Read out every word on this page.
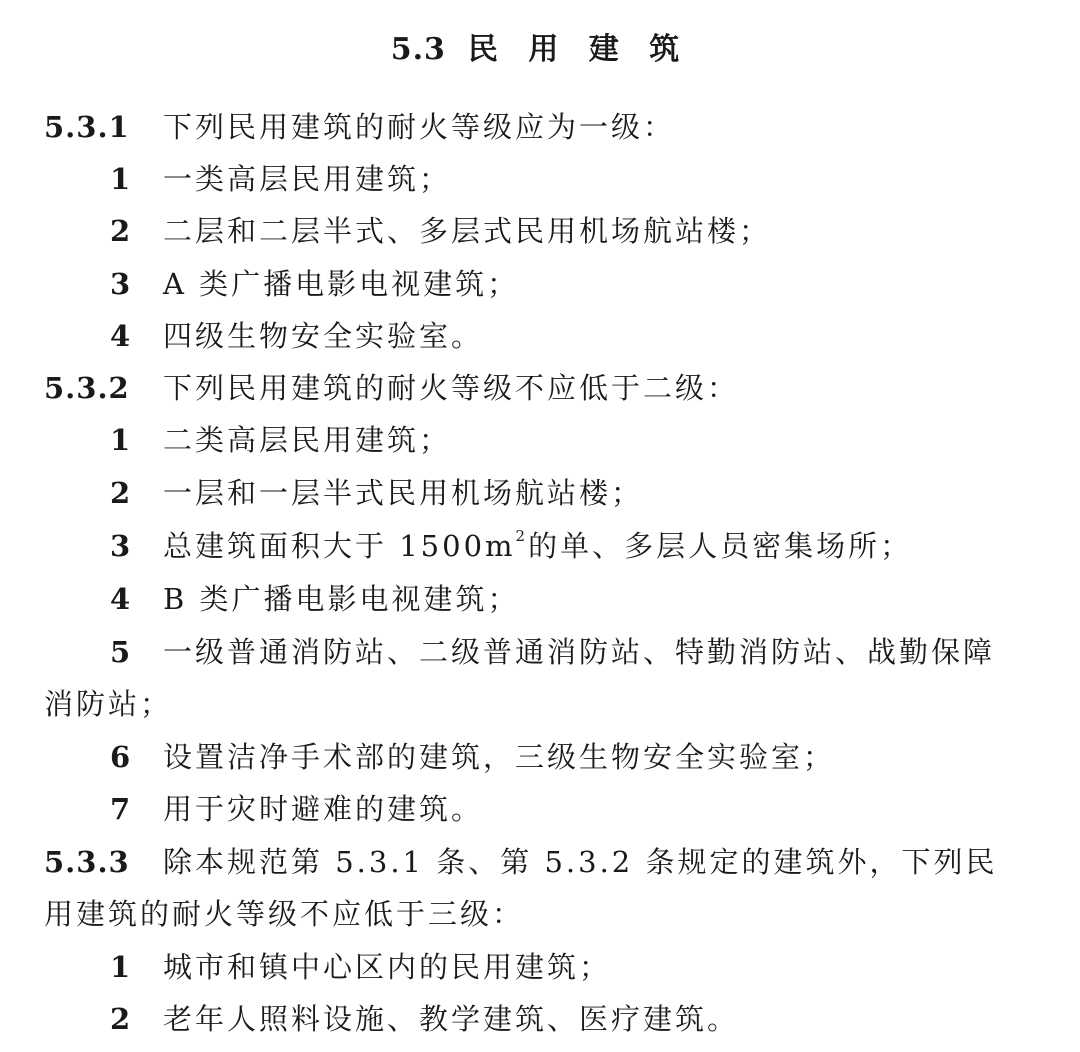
5.3 民 用 建 筑
5.3.1 下列民用建筑的耐火等级应为一级：
1 一类高层民用建筑；
2 二层和二层半式、多层式民用机场航站楼；
3 A 类广播电影电视建筑；
4 四级生物安全实验室。
5.3.2 下列民用建筑的耐火等级不应低于二级：
1 二类高层民用建筑；
2 一层和一层半式民用机场航站楼；
3 总建筑面积大于 $1500m^2$的单、多层人员密集场所；
4 B 类广播电影电视建筑；
5 一级普通消防站、二级普通消防站、特勤消防站、战勤保障
消防站；
6 设置洁净手术部的建筑，三级生物安全实验室；
7 用于灾时避难的建筑。
5.3.3 除本规范第 5.3.1 条、第 5.3.2 条规定的建筑外，下列民
用建筑的耐火等级不应低于三级：
1 城市和镇中心区内的民用建筑；
2 老年人照料设施、教学建筑、医疗建筑。
